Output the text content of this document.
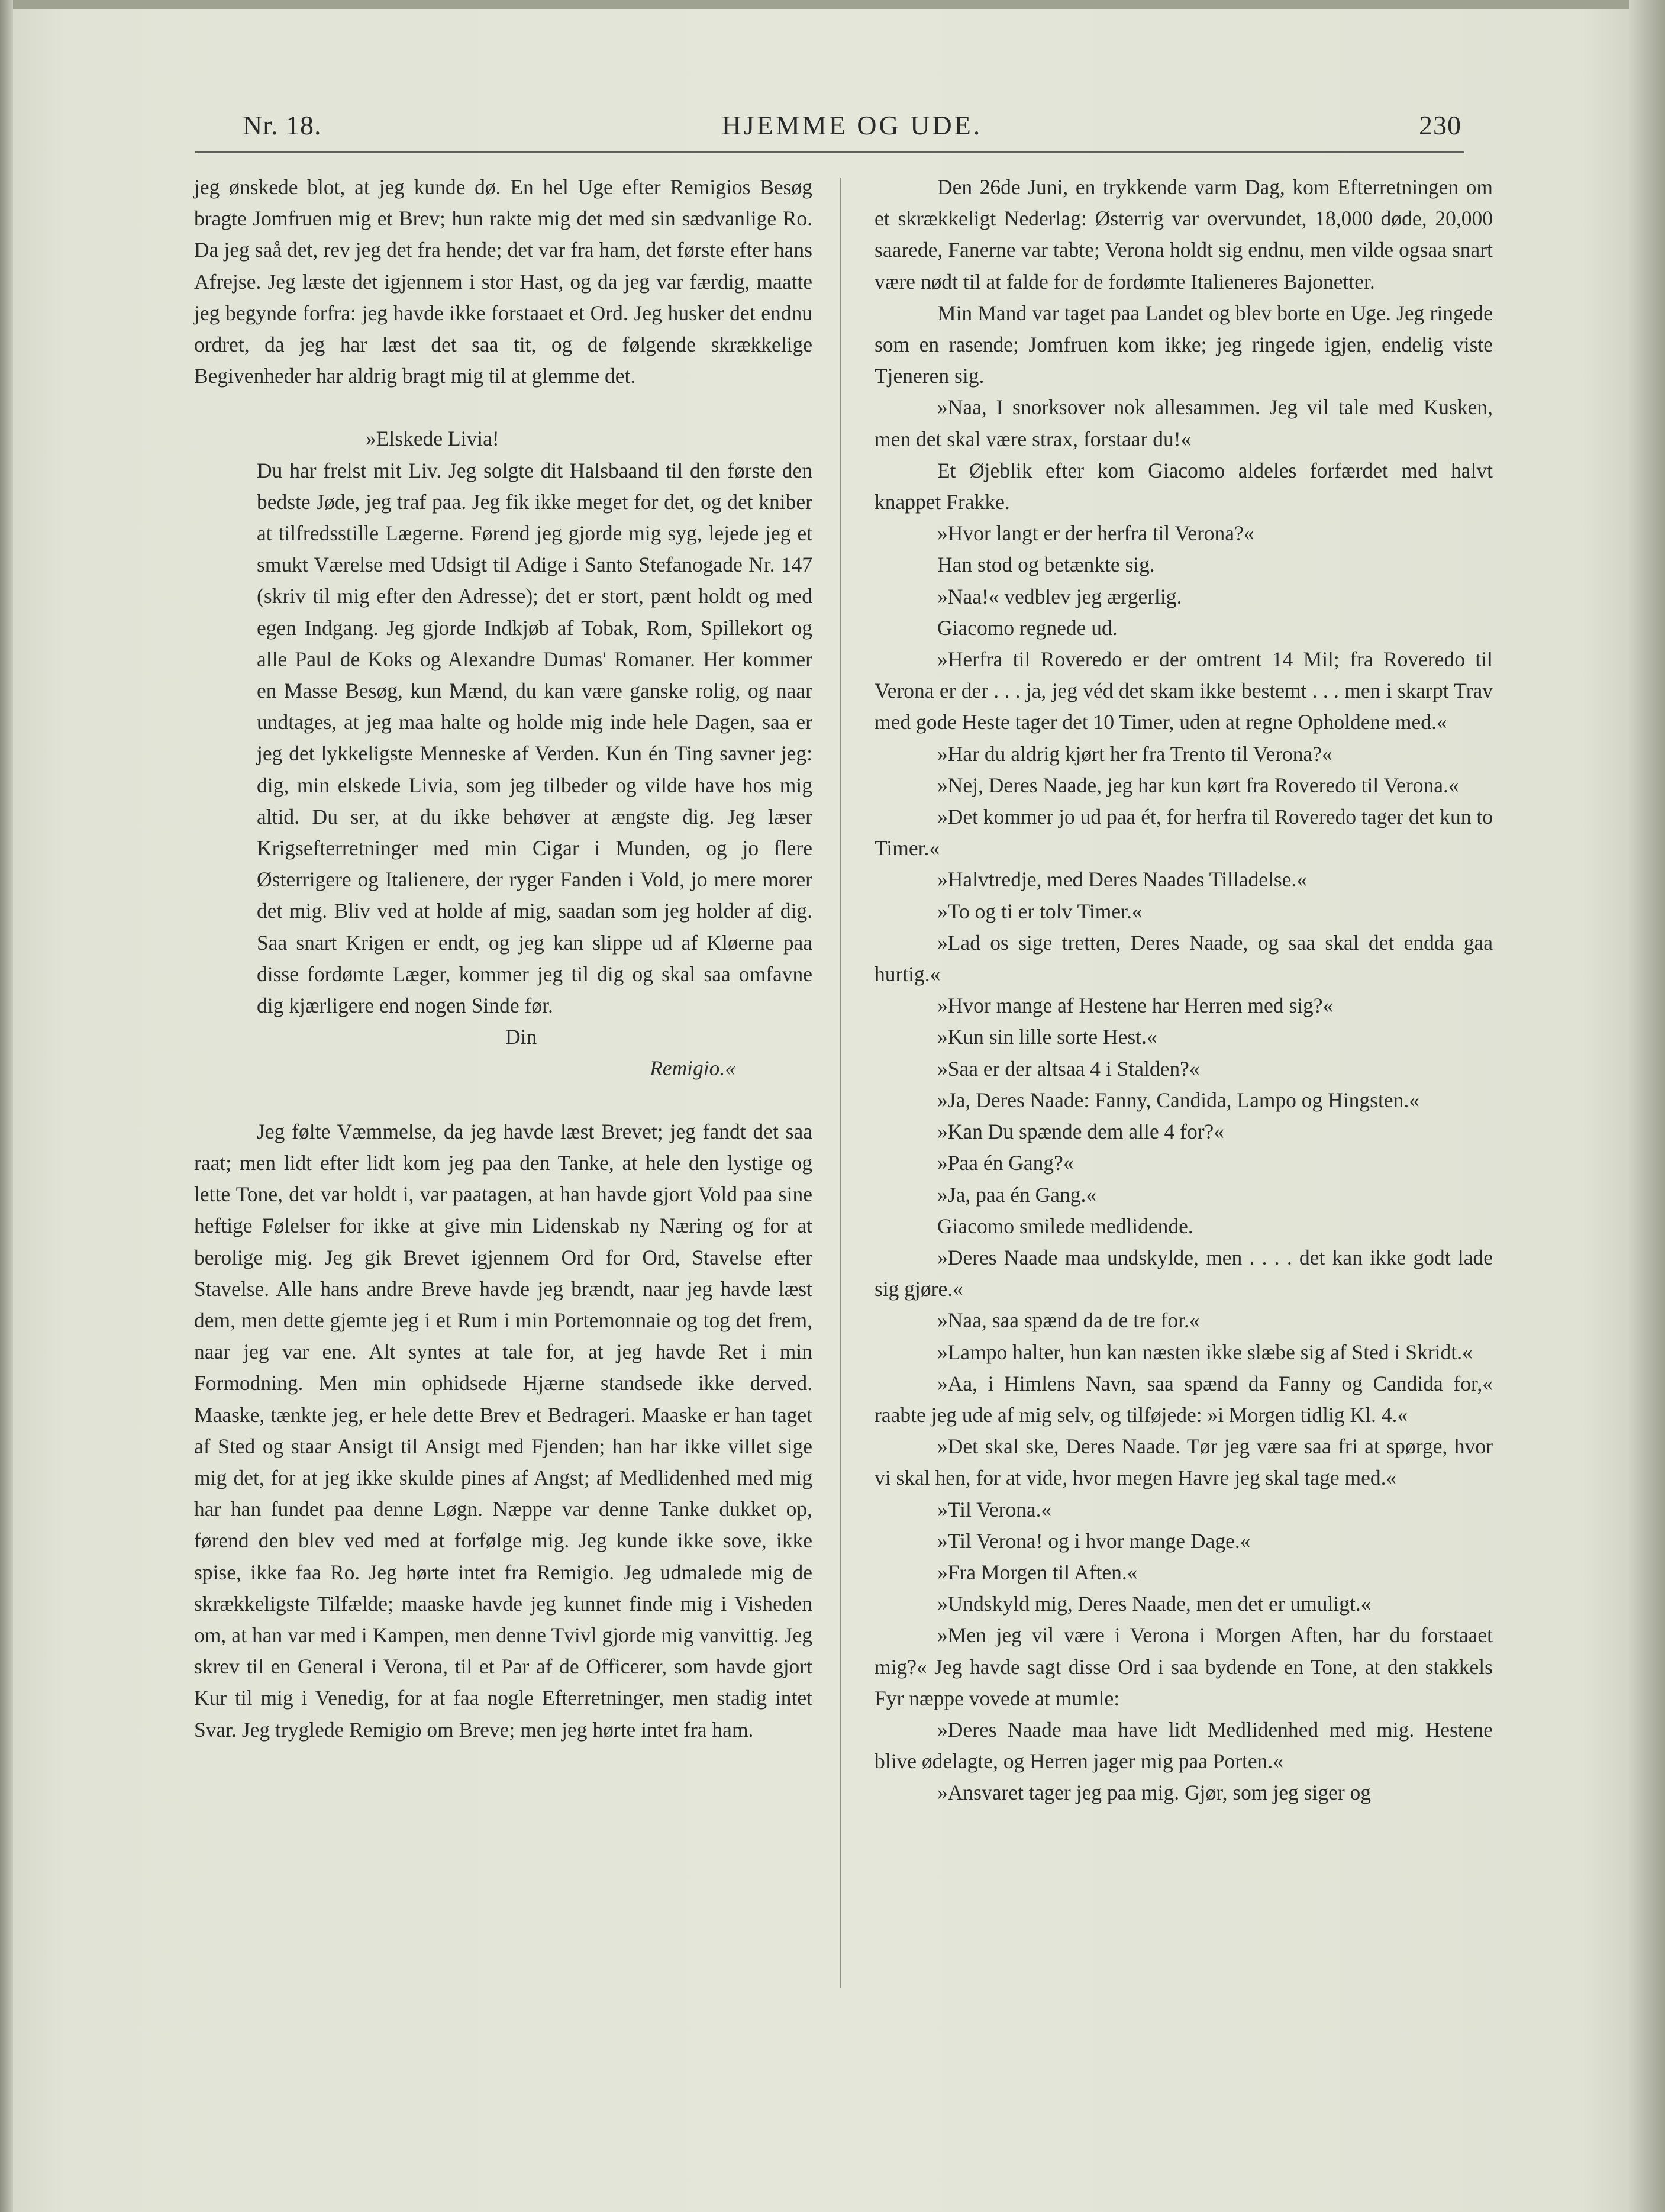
HJEMME OG UDE.
Nr. 18.	230

jeg ønskede blot, at jeg kunde dø. En hel Uge efter Remigios Besøg bragte Jomfruen mig et Brev; hun rakte mig det med sin sædvanlige Ro. Da jeg saå det, rev jeg det fra hende; det var fra ham, det første efter hans Afrejse. Jeg læste det igjennem i stor Hast, og da jeg var færdig, maatte jeg begynde forfra: jeg havde ikke forstaaet et Ord. Jeg husker det endnu ordret, da jeg har læst det saa tit, og de følgende skrækkelige Begivenheder har aldrig bragt mig til at glemme det.

»Elskede Livia!

Du har frelst mit Liv. Jeg solgte dit Halsbaand til den første den bedste Jøde, jeg traf paa. Jeg fik ikke meget for det, og det kniber at tilfredsstille Lægerne. Førend jeg gjorde mig syg, lejede jeg et smukt Værelse med Udsigt til Adige i Santo Stefanogade Nr. 147 (skriv til mig efter den Adresse); det er stort, pænt holdt og med egen Indgang. Jeg gjorde Indkjøb af Tobak, Rom, Spillekort og alle Paul de Koks og Alexandre Dumas' Romaner. Her kommer en Masse Besøg, kun Mænd, du kan være ganske rolig, og naar undtages, at jeg maa halte og holde mig inde hele Dagen, saa er jeg det lykkeligste Menneske af Verden. Kun én Ting savner jeg: dig, min elskede Livia, som jeg tilbeder og vilde have hos mig altid. Du ser, at du ikke behøver at ængste dig. Jeg læser Krigsefterretninger med min Cigar i Munden, og jo flere Østerrigere og Italienere, der ryger Fanden i Vold, jo mere morer det mig. Bliv ved at holde af mig, saadan som jeg holder af dig. Saa snart Krigen er endt, og jeg kan slippe ud af Kløerne paa disse fordømte Læger, kommer jeg til dig og skal saa omfavne dig kjærligere end nogen Sinde før.

Din

Remigio.«

Jeg følte Væmmelse, da jeg havde læst Brevet; jeg fandt det saa raat; men lidt efter lidt kom jeg paa den Tanke, at hele den lystige og lette Tone, det var holdt i, var paatagen, at han havde gjort Vold paa sine heftige Følelser for ikke at give min Lidenskab ny Næring og for at berolige mig. Jeg gik Brevet igjennem Ord for Ord, Stavelse efter Stavelse. Alle hans andre Breve havde jeg brændt, naar jeg havde læst dem, men dette gjemte jeg i et Rum i min Portemonnaie og tog det frem, naar jeg var ene. Alt syntes at tale for, at jeg havde Ret i min Formodning. Men min ophidsede Hjærne standsede ikke derved. Maaske, tænkte jeg, er hele dette Brev et Bedrageri. Maaske er han taget af Sted og staar Ansigt til Ansigt med Fjenden; han har ikke villet sige mig det, for at jeg ikke skulde pines af Angst; af Medlidenhed med mig har han fundet paa denne Løgn. Næppe var denne Tanke dukket op, førend den blev ved med at forfølge mig. Jeg kunde ikke sove, ikke spise, ikke faa Ro. Jeg hørte intet fra Remigio. Jeg udmalede mig de skrækkeligste Tilfælde; maaske havde jeg kunnet finde mig i Visheden om, at han var med i Kampen, men denne Tvivl gjorde mig vanvittig. Jeg skrev til en General i Verona, til et Par af de Officerer, som havde gjort Kur til mig i Venedig, for at faa nogle Efterretninger, men stadig intet Svar. Jeg tryglede Remigio om Breve; men jeg hørte intet fra ham.

Den 26de Juni, en trykkende varm Dag, kom Efterretningen om et skrækkeligt Nederlag: Østerrig var overvundet, 18,000 døde, 20,000 saarede, Fanerne var tabte; Verona holdt sig endnu, men vilde ogsaa snart være nødt til at falde for de fordømte Italieneres Bajonetter.

Min Mand var taget paa Landet og blev borte en Uge. Jeg ringede som en rasende; Jomfruen kom ikke; jeg ringede igjen, endelig viste Tjeneren sig.

»Naa, I snorksover nok allesammen. Jeg vil tale med Kusken, men det skal være strax, forstaar du!«

Et Øjeblik efter kom Giacomo aldeles forfærdet med halvt knappet Frakke.

»Hvor langt er der herfra til Verona?«

Han stod og betænkte sig.

»Naa!« vedblev jeg ærgerlig.

Giacomo regnede ud.

»Herfra til Roveredo er der omtrent 14 Mil; fra Roveredo til Verona er der . . . ja, jeg véd det skam ikke bestemt . . . men i skarpt Trav med gode Heste tager det 10 Timer, uden at regne Opholdene med.«

»Har du aldrig kjørt her fra Trento til Verona?«

»Nej, Deres Naade, jeg har kun kørt fra Roveredo til Verona.«

»Det kommer jo ud paa ét, for herfra til Roveredo tager det kun to Timer.«

»Halvtredje, med Deres Naades Tilladelse.«

»To og ti er tolv Timer.«

»Lad os sige tretten, Deres Naade, og saa skal det endda gaa hurtig.«

»Hvor mange af Hestene har Herren med sig?«

»Kun sin lille sorte Hest.«

»Saa er der altsaa 4 i Stalden?«

»Ja, Deres Naade: Fanny, Candida, Lampo og Hingsten.«

»Kan Du spænde dem alle 4 for?«

»Paa én Gang?«

»Ja, paa én Gang.«

Giacomo smilede medlidende.

»Deres Naade maa undskylde, men . . . . det kan ikke godt lade sig gjøre.«

»Naa, saa spænd da de tre for.«

»Lampo halter, hun kan næsten ikke slæbe sig af Sted i Skridt.«

»Aa, i Himlens Navn, saa spænd da Fanny og Candida for,« raabte jeg ude af mig selv, og tilføjede: »i Morgen tidlig Kl. 4.«

»Det skal ske, Deres Naade. Tør jeg være saa fri at spørge, hvor vi skal hen, for at vide, hvor megen Havre jeg skal tage med.«

»Til Verona.«

»Til Verona! og i hvor mange Dage.«

»Fra Morgen til Aften.«

»Undskyld mig, Deres Naade, men det er umuligt.«

»Men jeg vil være i Verona i Morgen Aften, har du forstaaet mig?« Jeg havde sagt disse Ord i saa bydende en Tone, at den stakkels Fyr næppe vovede at mumle:

»Deres Naade maa have lidt Medlidenhed med mig. Hestene blive ødelagte, og Herren jager mig paa Porten.«

»Ansvaret tager jeg paa mig. Gjør, som jeg siger og
